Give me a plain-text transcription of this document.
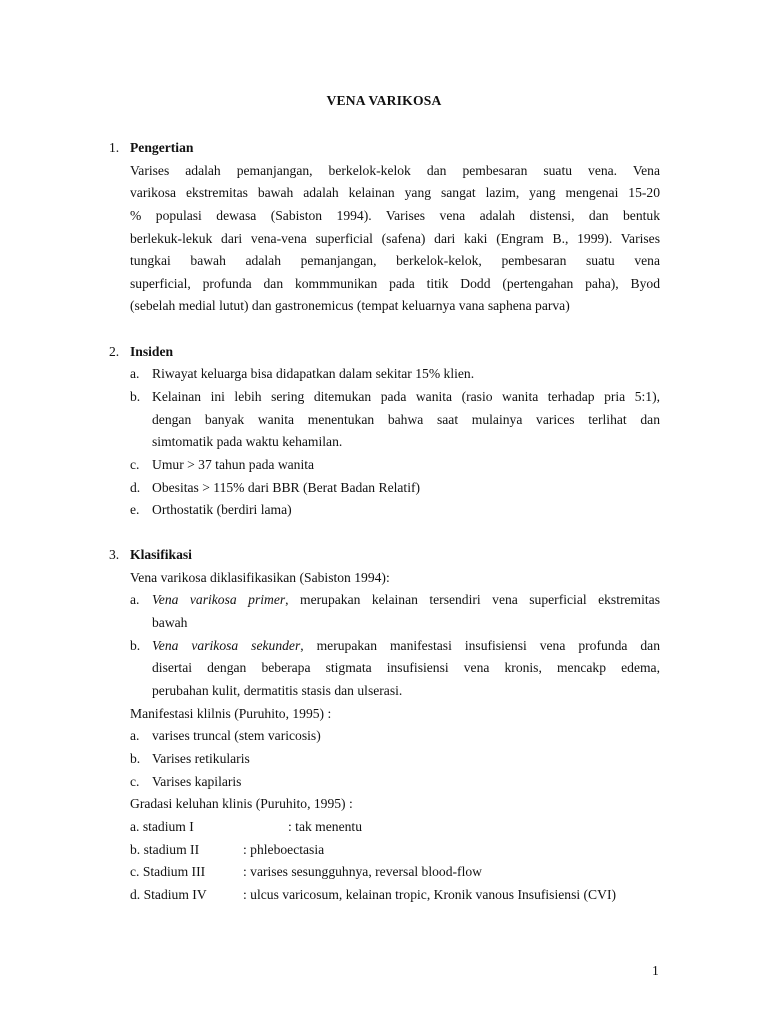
VENA VARIKOSA
1. Pengertian
Varises adalah pemanjangan, berkelok-kelok dan pembesaran suatu vena. Vena
varikosa ekstremitas bawah adalah kelainan yang sangat lazim, yang mengenai 15-20
% populasi dewasa (Sabiston 1994). Varises vena adalah distensi, dan bentuk
berlekuk-lekuk dari vena-vena superficial (safena) dari kaki (Engram B., 1999). Varises
tungkai bawah adalah pemanjangan, berkelok-kelok, pembesaran suatu vena
superficial, profunda dan kommmunikan pada titik Dodd (pertengahan paha), Byod
(sebelah medial lutut) dan gastronemicus (tempat keluarnya vana saphena parva)
2. Insiden
a. Riwayat keluarga bisa didapatkan dalam sekitar 15% klien.
b. Kelainan ini lebih sering ditemukan pada wanita (rasio wanita terhadap pria 5:1),
dengan banyak wanita menentukan bahwa saat mulainya varices terlihat dan
simtomatik pada waktu kehamilan.
c. Umur > 37 tahun pada wanita
d. Obesitas > 115% dari BBR (Berat Badan Relatif)
e. Orthostatik (berdiri lama)
3. Klasifikasi
Vena varikosa diklasifikasikan (Sabiston 1994):
a. Vena varikosa primer, merupakan kelainan tersendiri vena superficial ekstremitas
bawah
b. Vena varikosa sekunder, merupakan manifestasi insufisiensi vena profunda dan
disertai dengan beberapa stigmata insufisiensi vena kronis, mencakp edema,
perubahan kulit, dermatitis stasis dan ulserasi.
Manifestasi klilnis (Puruhito, 1995) :
a. varises truncal (stem varicosis)
b. Varises retikularis
c. Varises kapilaris
Gradasi keluhan klinis (Puruhito, 1995) :
a. stadium I	: tak menentu
b. stadium II	: phleboectasia
c. Stadium III	: varises sesungguhnya, reversal blood-flow
d. Stadium IV	: ulcus varicosum, kelainan tropic, Kronik vanous Insufisiensi (CVI)
1
